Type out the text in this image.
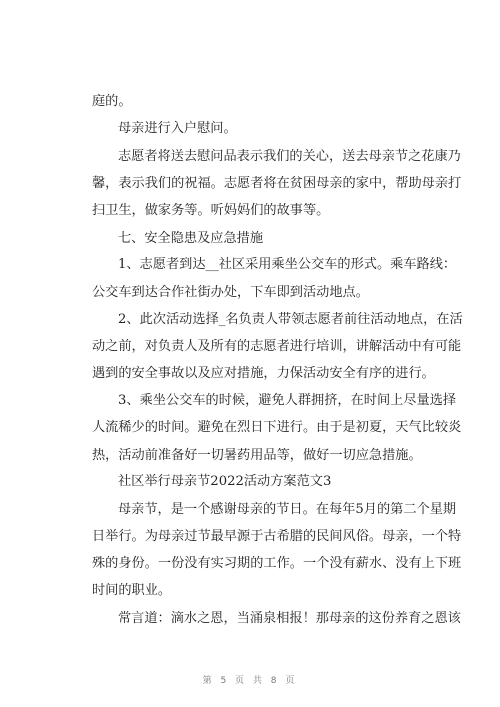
庭的。
母亲进行入户慰问。
志愿者将送去慰问品表示我们的关心，送去母亲节之花康乃
馨，表示我们的祝福。志愿者将在贫困母亲的家中，帮助母亲打
扫卫生，做家务等。听妈妈们的故事等。
七、安全隐患及应急措施
1、志愿者到达__社区采用乘坐公交车的形式。乘车路线：
公交车到达合作社街办处，下车即到活动地点。
2、此次活动选择_名负责人带领志愿者前往活动地点，在活
动之前，对负责人及所有的志愿者进行培训，讲解活动中有可能
遇到的安全事故以及应对措施，力保活动安全有序的进行。
3、乘坐公交车的时候，避免人群拥挤，在时间上尽量选择
人流稀少的时间。避免在烈日下进行。由于是初夏，天气比较炎
热，活动前准备好一切暑药用品等，做好一切应急措施。
社区举行母亲节2022活动方案范文3
母亲节，是一个感谢母亲的节日。在每年5月的第二个星期
日举行。为母亲过节最早源于古希腊的民间风俗。母亲，一个特
殊的身份。一份没有实习期的工作。一个没有薪水、没有上下班
时间的职业。
常言道：滴水之恩，当涌泉相报！那母亲的这份养育之恩该
第 5 页 共 8 页
